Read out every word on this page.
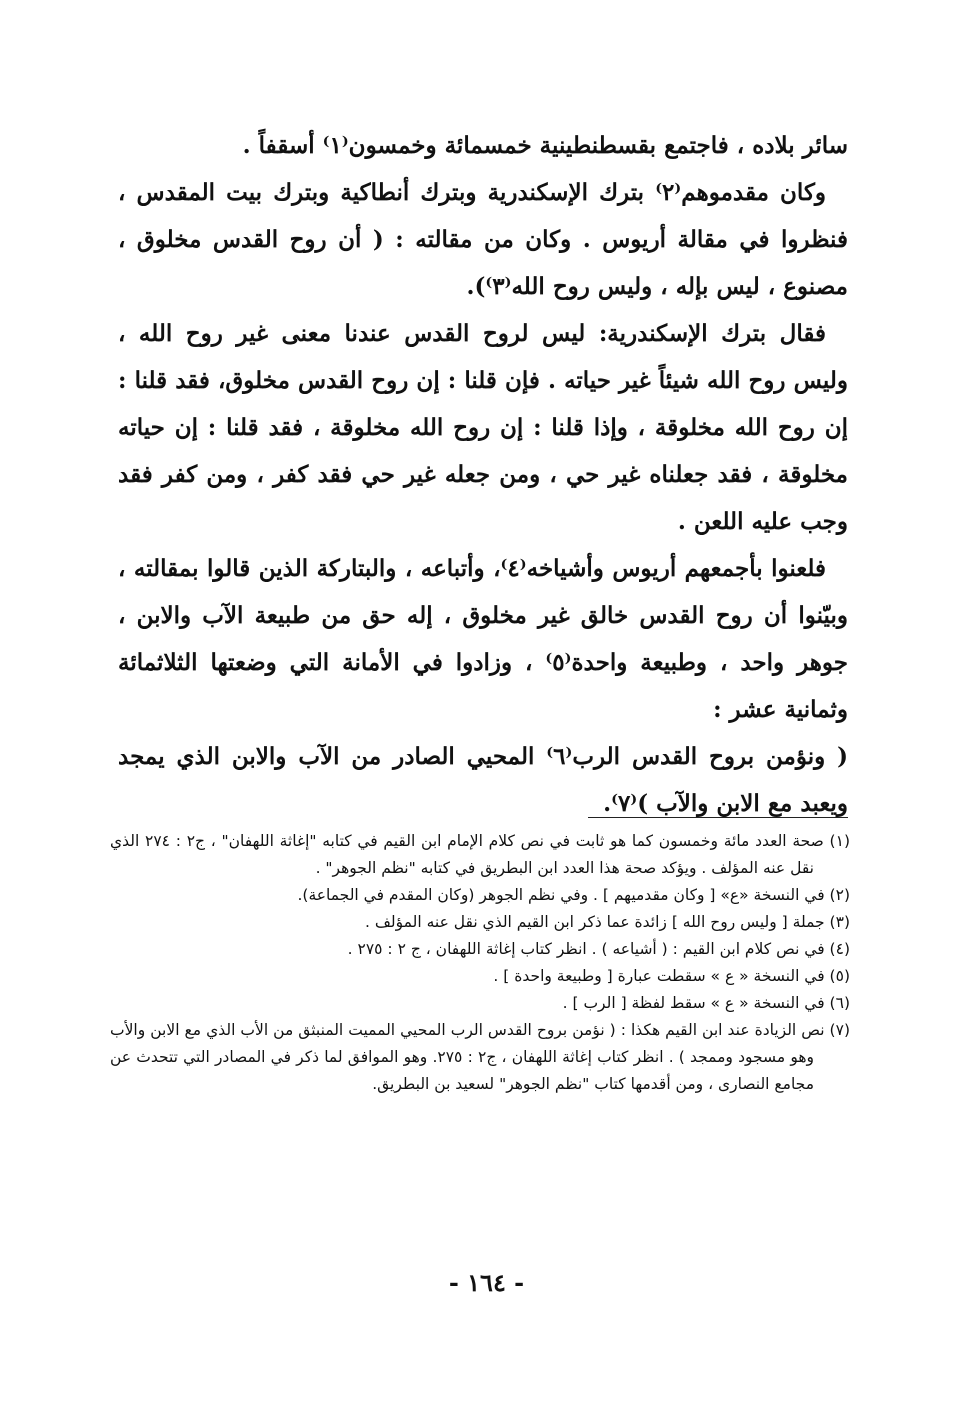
سائر بلاده ، فاجتمع بقسطنطينية خمسمائة وخمسون⁽١⁾ أسقفاً .

وكان مقدموهم⁽٢⁾ بترك الإسكندرية وبترك أنطاكية وبترك بيت المقدس ، فنظروا في مقالة أريوس . وكان من مقالته : ( أن روح القدس مخلوق ، مصنوع ، ليس بإله ، وليس روح الله⁽٣⁾).

فقال بترك الإسكندرية: ليس لروح القدس عندنا معنى غير روح الله ، وليس روح الله شيئاً غير حياته . فإن قلنا : إن روح القدس مخلوق، فقد قلنا : إن روح الله مخلوقة ، وإذا قلنا : إن روح الله مخلوقة ، فقد قلنا : إن حياته مخلوقة ، فقد جعلناه غير حي ، ومن جعله غير حي فقد كفر ، ومن كفر فقد وجب عليه اللعن .

فلعنوا بأجمعهم أريوس وأشياخه⁽٤⁾، وأتباعه ، والبتاركة الذين قالوا بمقالته ، وبيّنوا أن روح القدس خالق غير مخلوق ، إله حق من طبيعة الآب والابن ، جوهر واحد ، وطبيعة واحدة⁽٥⁾ ، وزادوا في الأمانة التي وضعتها الثلاثمائة وثمانية عشر :

( ونؤمن بروح القدس الرب⁽٦⁾ المحيي الصادر من الآب والابن الذي يمجد ويعبد مع الابن والآب )⁽٧⁾.

(١) صحة العدد مائة وخمسون كما هو ثابت في نص كلام الإمام ابن القيم في كتابه "إغاثة اللهفان" ، ج٢ : ٢٧٤ الذي نقل عنه المؤلف . ويؤكد صحة هذا العدد ابن البطريق في كتابه "نظم الجوهر" .

(٢) في النسخة «ع» [ وكان مقدميهم ] . وفي نظم الجوهر (وكان المقدم في الجماعة).

(٣) جملة [ وليس روح الله ] زائدة عما ذكر ابن القيم الذي نقل عنه المؤلف .

(٤) في نص كلام ابن القيم : ( أشياعه ) . انظر كتاب إغاثة اللهفان ، ج ٢ : ٢٧٥ .

(٥) في النسخة « ع » سقطت عبارة [ وطبيعة واحدة ] .

(٦) في النسخة « ع » سقط لفظة [ الرب ] .

(٧) نص الزيادة عند ابن القيم هكذا : ( نؤمن بروح القدس الرب المحيي المميت المنبثق من الأب الذي مع الابن والأب وهو مسجود وممجد ) . انظر كتاب إغاثة اللهفان ، ج٢ : ٢٧٥. وهو الموافق لما ذكر في المصادر التي تتحدث عن مجامع النصارى ، ومن أقدمها كتاب "نظم الجوهر" لسعيد بن البطريق.

- ١٦٤ -
